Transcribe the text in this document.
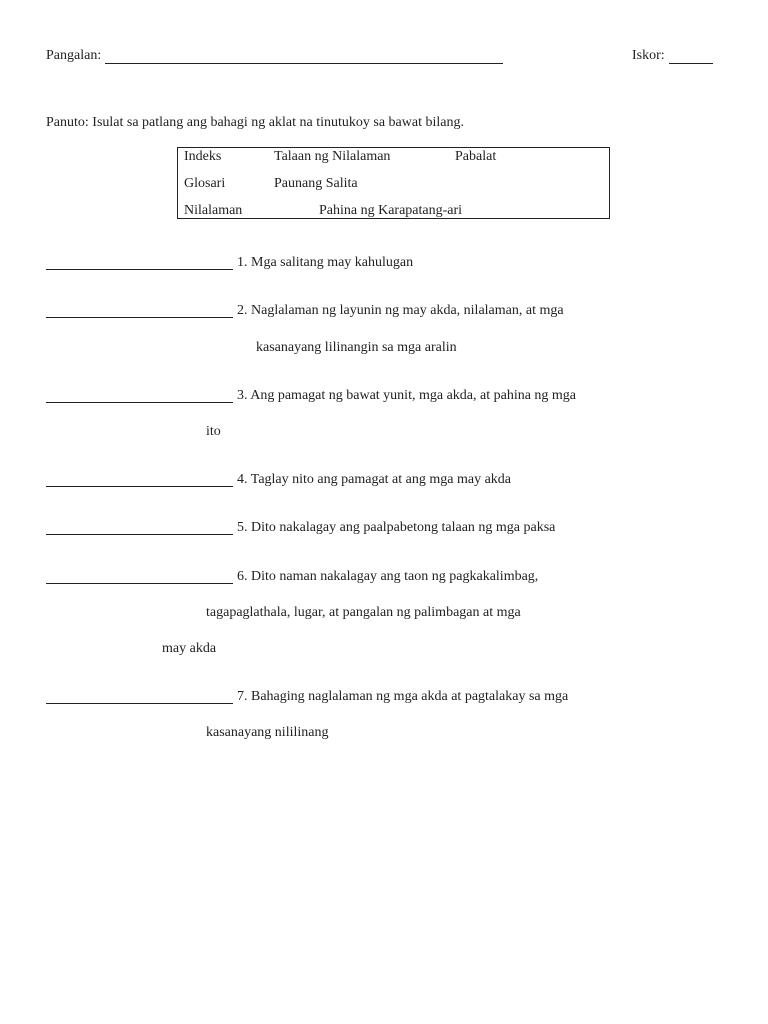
Pangalan:	Iskor:
Panuto: Isulat sa patlang ang bahagi ng aklat na tinutukoy sa bawat bilang.
Indeks	Talaan ng Nilalaman	Pabalat
Glosari	Paunang Salita
Nilalaman	Pahina ng Karapatang-ari
1. Mga salitang may kahulugan
2. Naglalaman ng layunin ng may akda, nilalaman, at mga
kasanayang lilinangin sa mga aralin
3. Ang pamagat ng bawat yunit, mga akda, at pahina ng mga
ito
4. Taglay nito ang pamagat at ang mga may akda
5. Dito nakalagay ang paalpabetong talaan ng mga paksa
6. Dito naman nakalagay ang taon ng pagkakalimbag,
tagapaglathala, lugar, at pangalan ng palimbagan at mga
may akda
7. Bahaging naglalaman ng mga akda at pagtalakay sa mga
kasanayang nililinang
